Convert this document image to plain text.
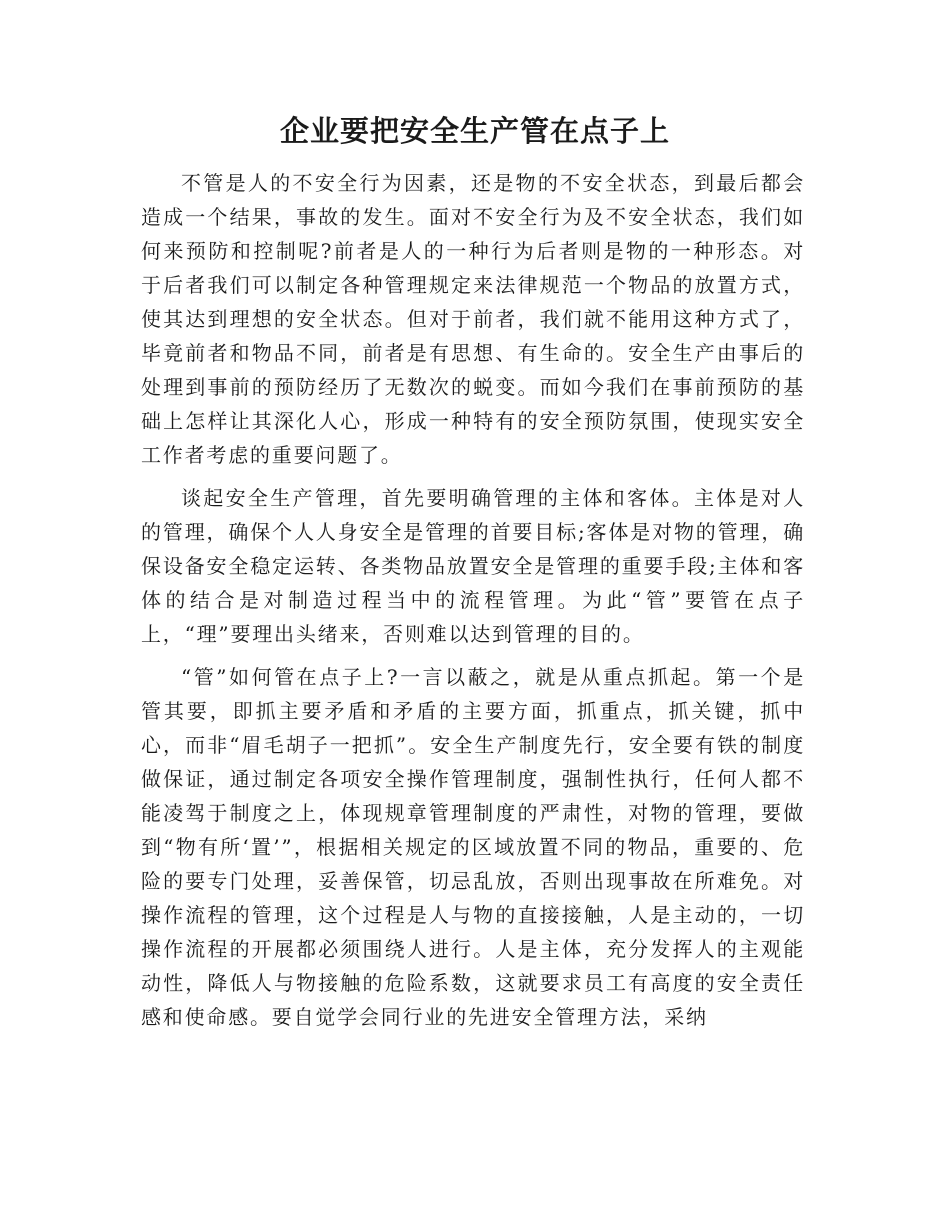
企业要把安全生产管在点子上

不管是人的不安全行为因素，还是物的不安全状态，到最后都会造成一个结果，事故的发生。面对不安全行为及不安全状态，我们如何来预防和控制呢?前者是人的一种行为后者则是物的一种形态。对于后者我们可以制定各种管理规定来法律规范一个物品的放置方式，使其达到理想的安全状态。但对于前者，我们就不能用这种方式了，毕竟前者和物品不同，前者是有思想、有生命的。安全生产由事后的处理到事前的预防经历了无数次的蜕变。而如今我们在事前预防的基础上怎样让其深化人心，形成一种特有的安全预防氛围，使现实安全工作者考虑的重要问题了。

谈起安全生产管理，首先要明确管理的主体和客体。主体是对人的管理，确保个人人身安全是管理的首要目标;客体是对物的管理，确保设备安全稳定运转、各类物品放置安全是管理的重要手段;主体和客体的结合是对制造过程当中的流程管理。为此“管”要管在点子上，“理”要理出头绪来，否则难以达到管理的目的。

“管”如何管在点子上?一言以蔽之，就是从重点抓起。第一个是管其要，即抓主要矛盾和矛盾的主要方面，抓重点，抓关键，抓中心，而非“眉毛胡子一把抓”。安全生产制度先行，安全要有铁的制度做保证，通过制定各项安全操作管理制度，强制性执行，任何人都不能凌驾于制度之上，体现规章管理制度的严肃性，对物的管理，要做到“物有所‘置’”，根据相关规定的区域放置不同的物品，重要的、危险的要专门处理，妥善保管，切忌乱放，否则出现事故在所难免。对操作流程的管理，这个过程是人与物的直接接触，人是主动的，一切操作流程的开展都必须围绕人进行。人是主体，充分发挥人的主观能动性，降低人与物接触的危险系数，这就要求员工有高度的安全责任感和使命感。要自觉学会同行业的先进安全管理方法，采纳
